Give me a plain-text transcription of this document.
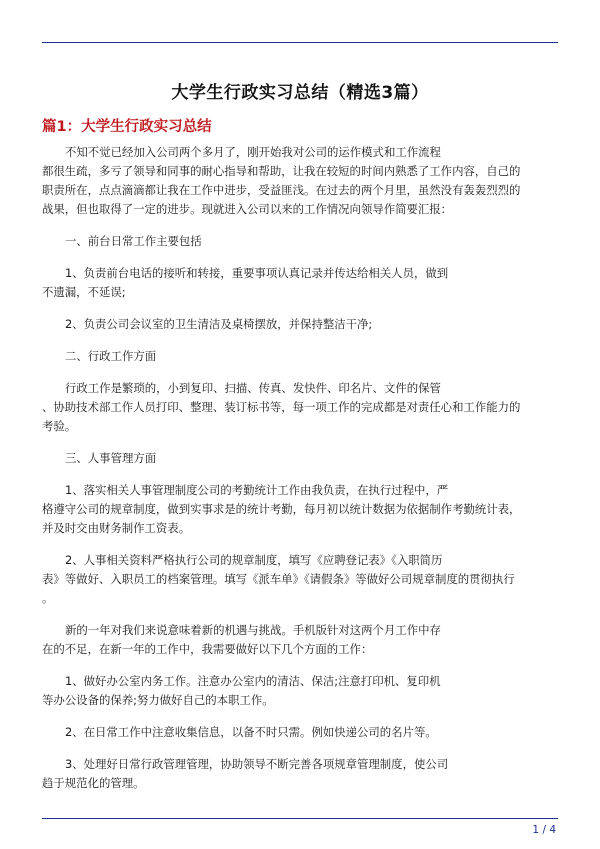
大学生行政实习总结（精选3篇）
篇1：大学生行政实习总结

不知不觉已经加入公司两个多月了，刚开始我对公司的运作模式和工作流程
都很生疏，多亏了领导和同事的耐心指导和帮助，让我在较短的时间内熟悉了工作内容，自己的
职责所在，点点滴滴都让我在工作中进步，受益匪浅。在过去的两个月里，虽然没有轰轰烈烈的
战果，但也取得了一定的进步。现就进入公司以来的工作情况向领导作简要汇报：

一、前台日常工作主要包括

1、负责前台电话的接听和转接，重要事项认真记录并传达给相关人员，做到
不遗漏，不延误;

2、负责公司会议室的卫生清洁及桌椅摆放，并保持整洁干净;

二、行政工作方面

行政工作是繁琐的，小到复印、扫描、传真、发快件、印名片、文件的保管
、协助技术部工作人员打印、整理、装订标书等，每一项工作的完成都是对责任心和工作能力的
考验。

三、人事管理方面

1、落实相关人事管理制度公司的考勤统计工作由我负责，在执行过程中，严
格遵守公司的规章制度，做到实事求是的统计考勤，每月初以统计数据为依据制作考勤统计表，
并及时交由财务制作工资表。

2、人事相关资料严格执行公司的规章制度，填写《应聘登记表》《入职简历
表》等做好、入职员工的档案管理。填写《派车单》《请假条》等做好公司规章制度的贯彻执行
。

新的一年对我们来说意味着新的机遇与挑战。手机版针对这两个月工作中存
在的不足，在新一年的工作中，我需要做好以下几个方面的工作：

1、做好办公室内务工作。注意办公室内的清洁、保洁;注意打印机、复印机
等办公设备的保养;努力做好自己的本职工作。

2、在日常工作中注意收集信息，以备不时只需。例如快递公司的名片等。

3、处理好日常行政管理管理，协助领导不断完善各项规章管理制度，使公司
趋于规范化的管理。

1 / 4
